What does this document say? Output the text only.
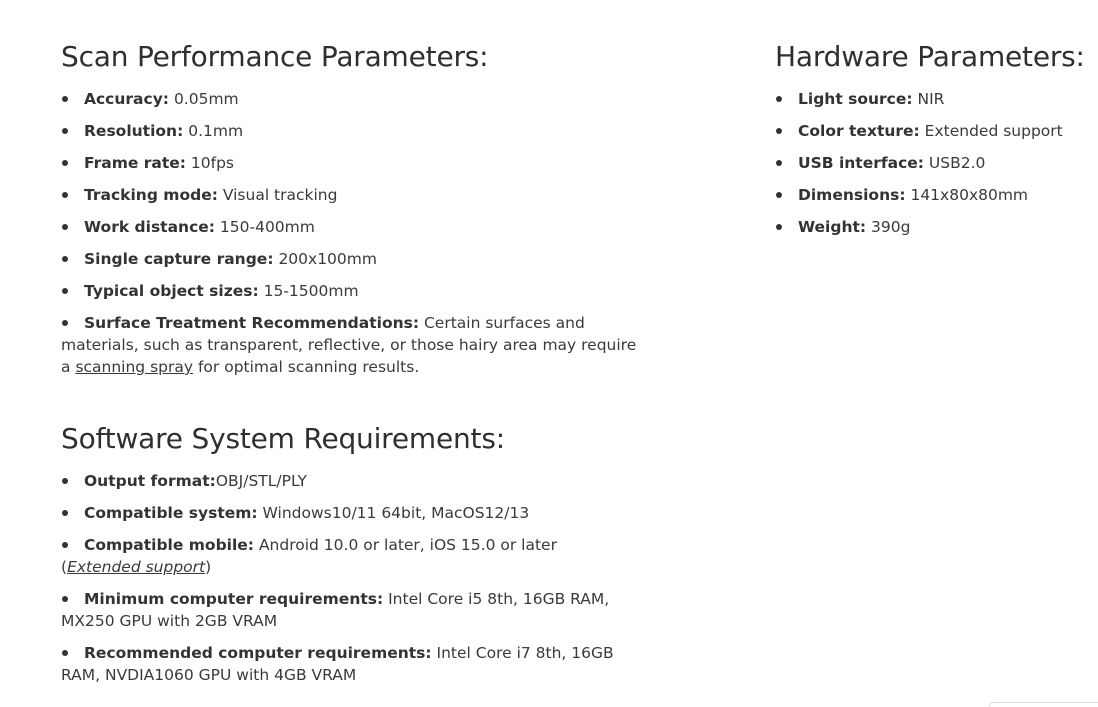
Scan Performance Parameters:
Accuracy: 0.05mm
Resolution: 0.1mm
Frame rate: 10fps
Tracking mode: Visual tracking
Work distance: 150-400mm
Single capture range: 200x100mm
Typical object sizes: 15-1500mm
Surface Treatment Recommendations: Certain surfaces and materials, such as transparent, reflective, or those hairy area may require a scanning spray for optimal scanning results.
Software System Requirements:
Output format:OBJ/STL/PLY
Compatible system: Windows10/11 64bit, MacOS12/13
Compatible mobile: Android 10.0 or later, iOS 15.0 or later (Extended support)
Minimum computer requirements: Intel Core i5 8th, 16GB RAM, MX250 GPU with 2GB VRAM
Recommended computer requirements: Intel Core i7 8th, 16GB RAM, NVDIA1060 GPU with 4GB VRAM
Hardware Parameters:
Light source: NIR
Color texture: Extended support
USB interface: USB2.0
Dimensions: 141x80x80mm
Weight: 390g
